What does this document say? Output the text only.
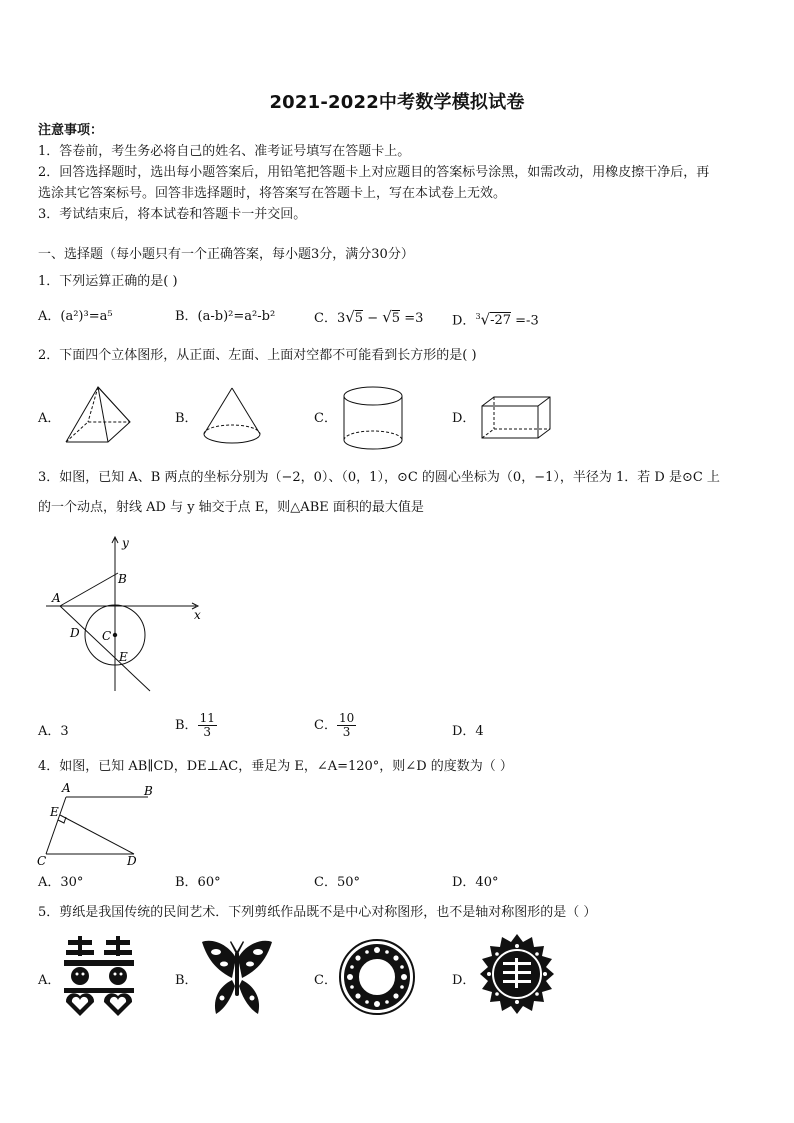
2021-2022中考数学模拟试卷
注意事项：
1．答卷前，考生务必将自己的姓名、准考证号填写在答题卡上。
2．回答选择题时，选出每小题答案后，用铅笔把答题卡上对应题目的答案标号涂黑，如需改动，用橡皮擦干净后，再
选涂其它答案标号。回答非选择题时，将答案写在答题卡上，写在本试卷上无效。
3．考试结束后，将本试卷和答题卡一并交回。
一、选择题（每小题只有一个正确答案，每小题3分，满分30分）
1．下列运算正确的是( )
A．(a²)³=a⁵	B．(a-b)²=a²-b²	C．3√5 − √5 =3 D．$^3$√-27 =-3
2．下面四个立体图形，从正面、左面、上面对空都不可能看到长方形的是( )
A．	B．	C．	D．
3．如图，已知 A、B 两点的坐标分别为（−2，0）、（0，1），⊙C 的圆心坐标为（0，−1），半径为 1．若 D 是⊙C 上
的一个动点，射线 AD 与 y 轴交于点 E，则△ABE 面积的最大值是
y
x
A
B
C
D
E
A．3	B． $\frac{11}{3}$	C． $\frac{10}{3}$	D．4
4．如图，已知 AB∥CD，DE⊥AC，垂足为 E，∠A=120°，则∠D 的度数为（ ）
A	B
E
C	D
A．30°	B．60°	C．50°	D．40°
5．剪纸是我国传统的民间艺术．下列剪纸作品既不是中心对称图形，也不是轴对称图形的是（ ）
A．	B．	C．	D．
